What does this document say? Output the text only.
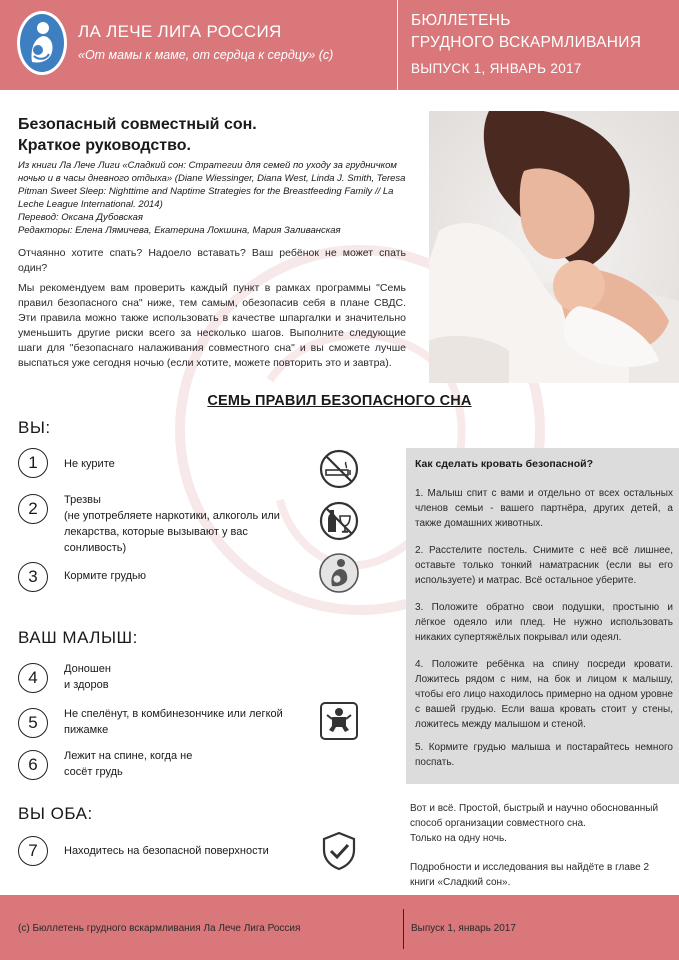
ЛА ЛЕЧЕ ЛИГА РОССИЯ
«От мамы к маме, от сердца к сердцу» (c)
БЮЛЛЕТЕНЬ
ГРУДНОГО ВСКАРМЛИВАНИЯ
ВЫПУСК 1, ЯНВАРЬ 2017
Безопасный совместный сон.
Краткое руководство.
Из книги Ла Лече Лиги «Сладкий сон: Стратегии для семей по уходу за грудничком ночью и в часы дневного отдыха» (Diane Wiessinger, Diana West, Linda J. Smith, Teresa Pitman Sweet Sleep: Nighttime and Naptime Strategies for the Breastfeeding Family // La Leche League International. 2014)
Перевод: Оксана Дубовская
Редакторы: Елена Лямичева, Екатерина Локшина, Мария Заливанская
Отчаянно хотите спать? Надоело вставать? Ваш ребёнок не может спать один?
Мы рекомендуем вам проверить каждый пункт в рамках программы "Семь правил безопасного сна" ниже, тем самым, обезопасив себя в плане СВДС. Эти правила можно также использовать в качестве шпаргалки и значительно уменьшить другие риски всего за несколько шагов. Выполните следующие шаги для "безопаснаго налаживания совместного сна" и вы сможете лучше выспаться уже сегодня ночью (если хотите, можете повторить это и завтра).
СЕМЬ ПРАВИЛ БЕЗОПАСНОГО СНА
ВЫ:
1	Не курите
2	Трезвы
(не употребляете наркотики, алкоголь или лекарства, которые вызывают у вас сонливость)
3	Кормите грудью
ВАШ МАЛЫШ:
4	Доношен
и здоров
5	Не спелёнут, в комбинезончике или легкой пижамке
6	Лежит на спине, когда не
сосёт грудь
ВЫ ОБА:
7	Находитесь на безопасной поверхности
Как сделать кровать безопасной?
1. Малыш спит с вами и отдельно от всех остальных членов семьи - вашего партнёра, других детей, а также домашних животных.
2. Расстелите постель. Снимите с неё всё лишнее, оставьте только тонкий наматрасник (если вы его используете) и матрас. Всё остальное уберите.
3. Положите обратно свои подушки, простыню и лёгкое одеяло или плед. Не нужно использовать никаких супертяжёлых покрывал или одеял.
4. Положите ребёнка на спину посреди кровати. Ложитесь рядом с ним, на бок и лицом к малышу, чтобы его лицо находилось примерно на одном уровне с вашей грудью. Если ваша кровать стоит у стены, ложитесь между малышом и стеной.
5. Кормите грудью малыша и постарайтесь немного поспать.
Вот и всё. Простой, быстрый и научно обоснованный способ организации совместного сна.
Только на одну ночь.
Подробности и исследования вы найдёте в главе 2 книги «Сладкий сон».
(c) Бюллетень грудного вскармливания Ла Лече Лига Россия	Выпуск 1, январь 2017
